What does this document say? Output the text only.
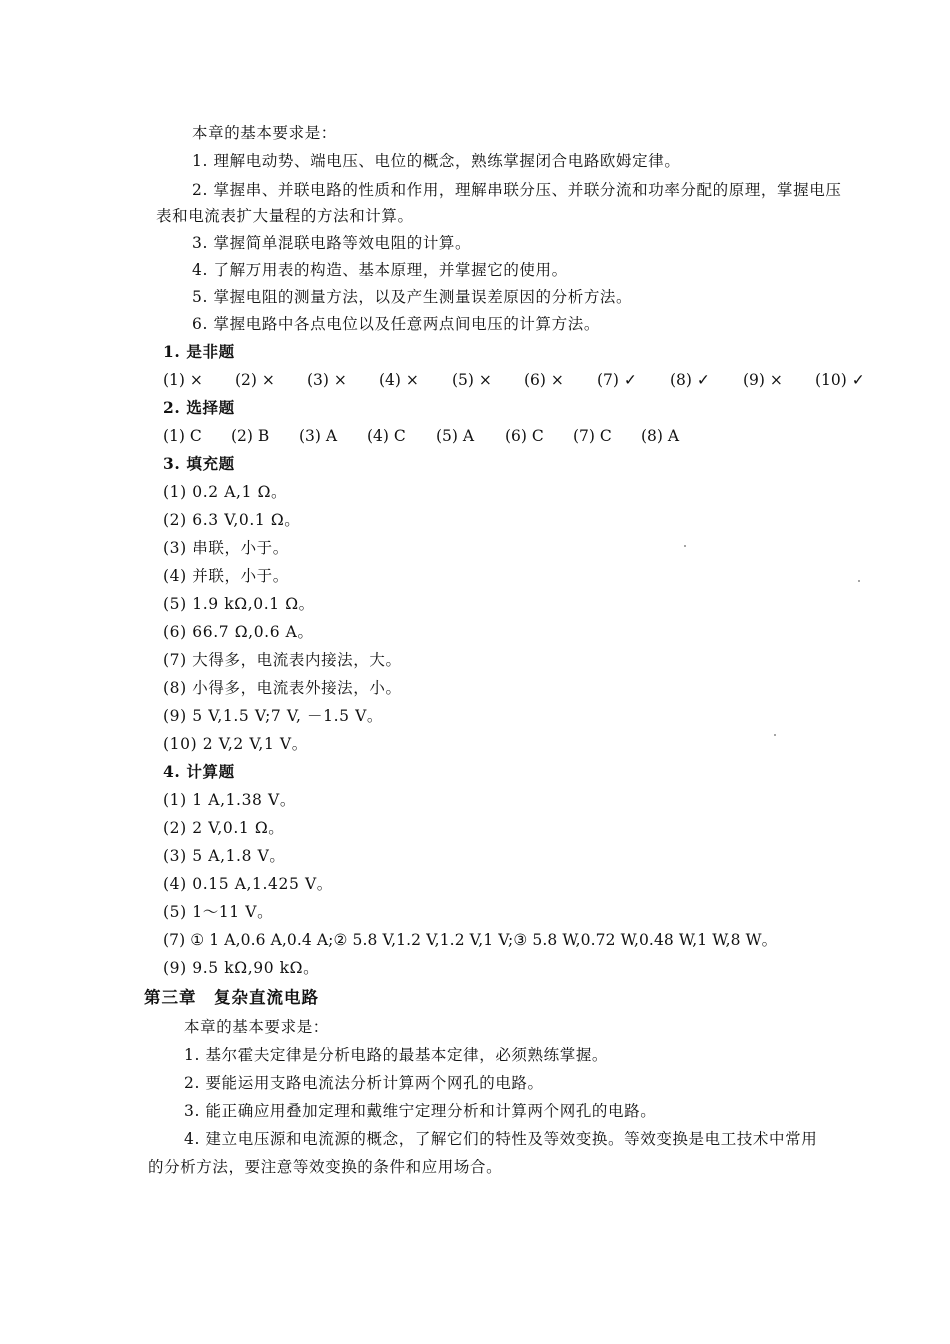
本章的基本要求是：
1. 理解电动势、端电压、电位的概念，熟练掌握闭合电路欧姆定律。
2. 掌握串、并联电路的性质和作用，理解串联分压、并联分流和功率分配的原理，掌握电压
表和电流表扩大量程的方法和计算。
3. 掌握简单混联电路等效电阻的计算。
4. 了解万用表的构造、基本原理，并掌握它的使用。
5. 掌握电阻的测量方法，以及产生测量误差原因的分析方法。
6. 掌握电路中各点电位以及任意两点间电压的计算方法。
1. 是非题
(1) × (2) × (3) × (4) × (5) × (6) × (7) ✓ (8) ✓ (9) × (10) ✓
2. 选择题
(1) C (2) B (3) A (4) C (5) A (6) C (7) C (8) A
3. 填充题
(1) 0.2 A,1 Ω。
(2) 6.3 V,0.1 Ω。
(3) 串联，小于。
(4) 并联，小于。
(5) 1.9 kΩ,0.1 Ω。
(6) 66.7 Ω,0.6 A。
(7) 大得多，电流表内接法，大。
(8) 小得多，电流表外接法，小。
(9) 5 V,1.5 V;7 V, －1.5 V。
(10) 2 V,2 V,1 V。
4. 计算题
(1) 1 A,1.38 V。
(2) 2 V,0.1 Ω。
(3) 5 A,1.8 V。
(4) 0.15 A,1.425 V。
(5) 1～11 V。
(7) ① 1 A,0.6 A,0.4 A;② 5.8 V,1.2 V,1.2 V,1 V;③ 5.8 W,0.72 W,0.48 W,1 W,8 W。
(9) 9.5 kΩ,90 kΩ。
第三章　复杂直流电路
本章的基本要求是：
1. 基尔霍夫定律是分析电路的最基本定律，必须熟练掌握。
2. 要能运用支路电流法分析计算两个网孔的电路。
3. 能正确应用叠加定理和戴维宁定理分析和计算两个网孔的电路。
4. 建立电压源和电流源的概念，了解它们的特性及等效变换。等效变换是电工技术中常用
的分析方法，要注意等效变换的条件和应用场合。
